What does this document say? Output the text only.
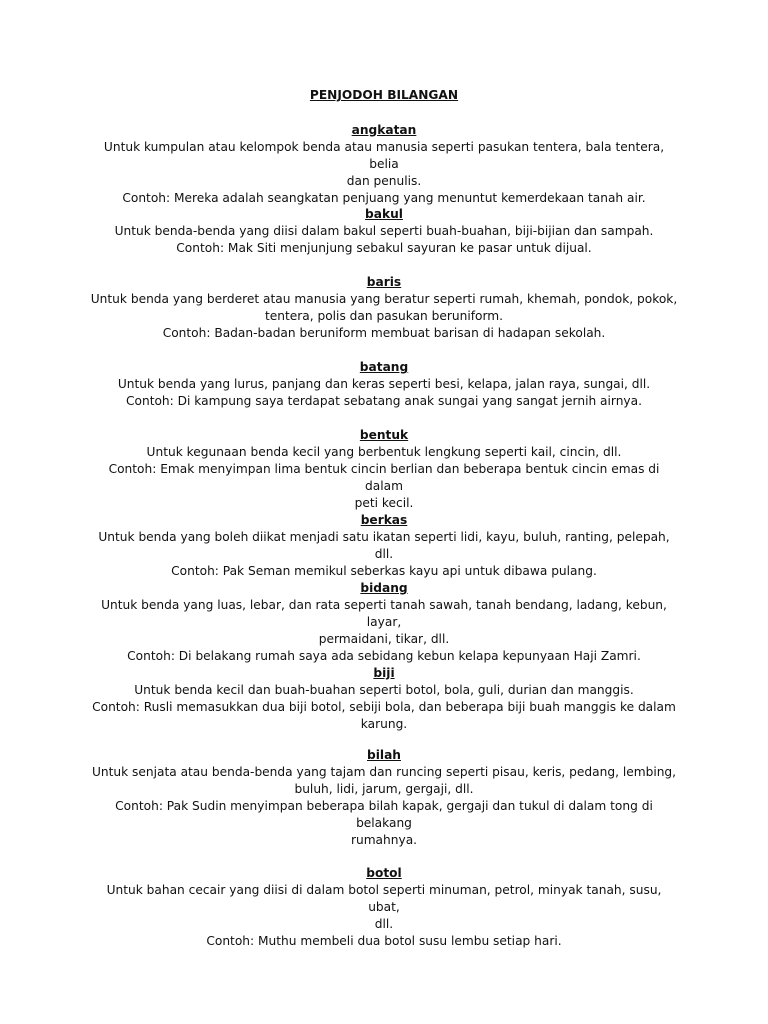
PENJODOH BILANGAN
angkatan
Untuk kumpulan atau kelompok benda atau manusia seperti pasukan tentera, bala tentera, belia
dan penulis.
Contoh: Mereka adalah seangkatan penjuang yang menuntut kemerdekaan tanah air.
bakul
Untuk benda-benda yang diisi dalam bakul seperti buah-buahan, biji-bijian dan sampah.
Contoh: Mak Siti menjunjung sebakul sayuran ke pasar untuk dijual.
baris
Untuk benda yang berderet atau manusia yang beratur seperti rumah, khemah, pondok, pokok,
tentera, polis dan pasukan beruniform.
Contoh: Badan-badan beruniform membuat barisan di hadapan sekolah.
batang
Untuk benda yang lurus, panjang dan keras seperti besi, kelapa, jalan raya, sungai, dll.
Contoh: Di kampung saya terdapat sebatang anak sungai yang sangat jernih airnya.
bentuk
Untuk kegunaan benda kecil yang berbentuk lengkung seperti kail, cincin, dll.
Contoh: Emak menyimpan lima bentuk cincin berlian dan beberapa bentuk cincin emas di dalam
peti kecil.
berkas
Untuk benda yang boleh diikat menjadi satu ikatan seperti lidi, kayu, buluh, ranting, pelepah, dll.
Contoh: Pak Seman memikul seberkas kayu api untuk dibawa pulang.
bidang
Untuk benda yang luas, lebar, dan rata seperti tanah sawah, tanah bendang, ladang, kebun, layar,
permaidani, tikar, dll.
Contoh: Di belakang rumah saya ada sebidang kebun kelapa kepunyaan Haji Zamri.
biji
Untuk benda kecil dan buah-buahan seperti botol, bola, guli, durian dan manggis.
Contoh: Rusli memasukkan dua biji botol, sebiji bola, dan beberapa biji buah manggis ke dalam
karung.
bilah
Untuk senjata atau benda-benda yang tajam dan runcing seperti pisau, keris, pedang, lembing,
buluh, lidi, jarum, gergaji, dll.
Contoh: Pak Sudin menyimpan beberapa bilah kapak, gergaji dan tukul di dalam tong di belakang
rumahnya.
botol
Untuk bahan cecair yang diisi di dalam botol seperti minuman, petrol, minyak tanah, susu, ubat,
dll.
Contoh: Muthu membeli dua botol susu lembu setiap hari.
